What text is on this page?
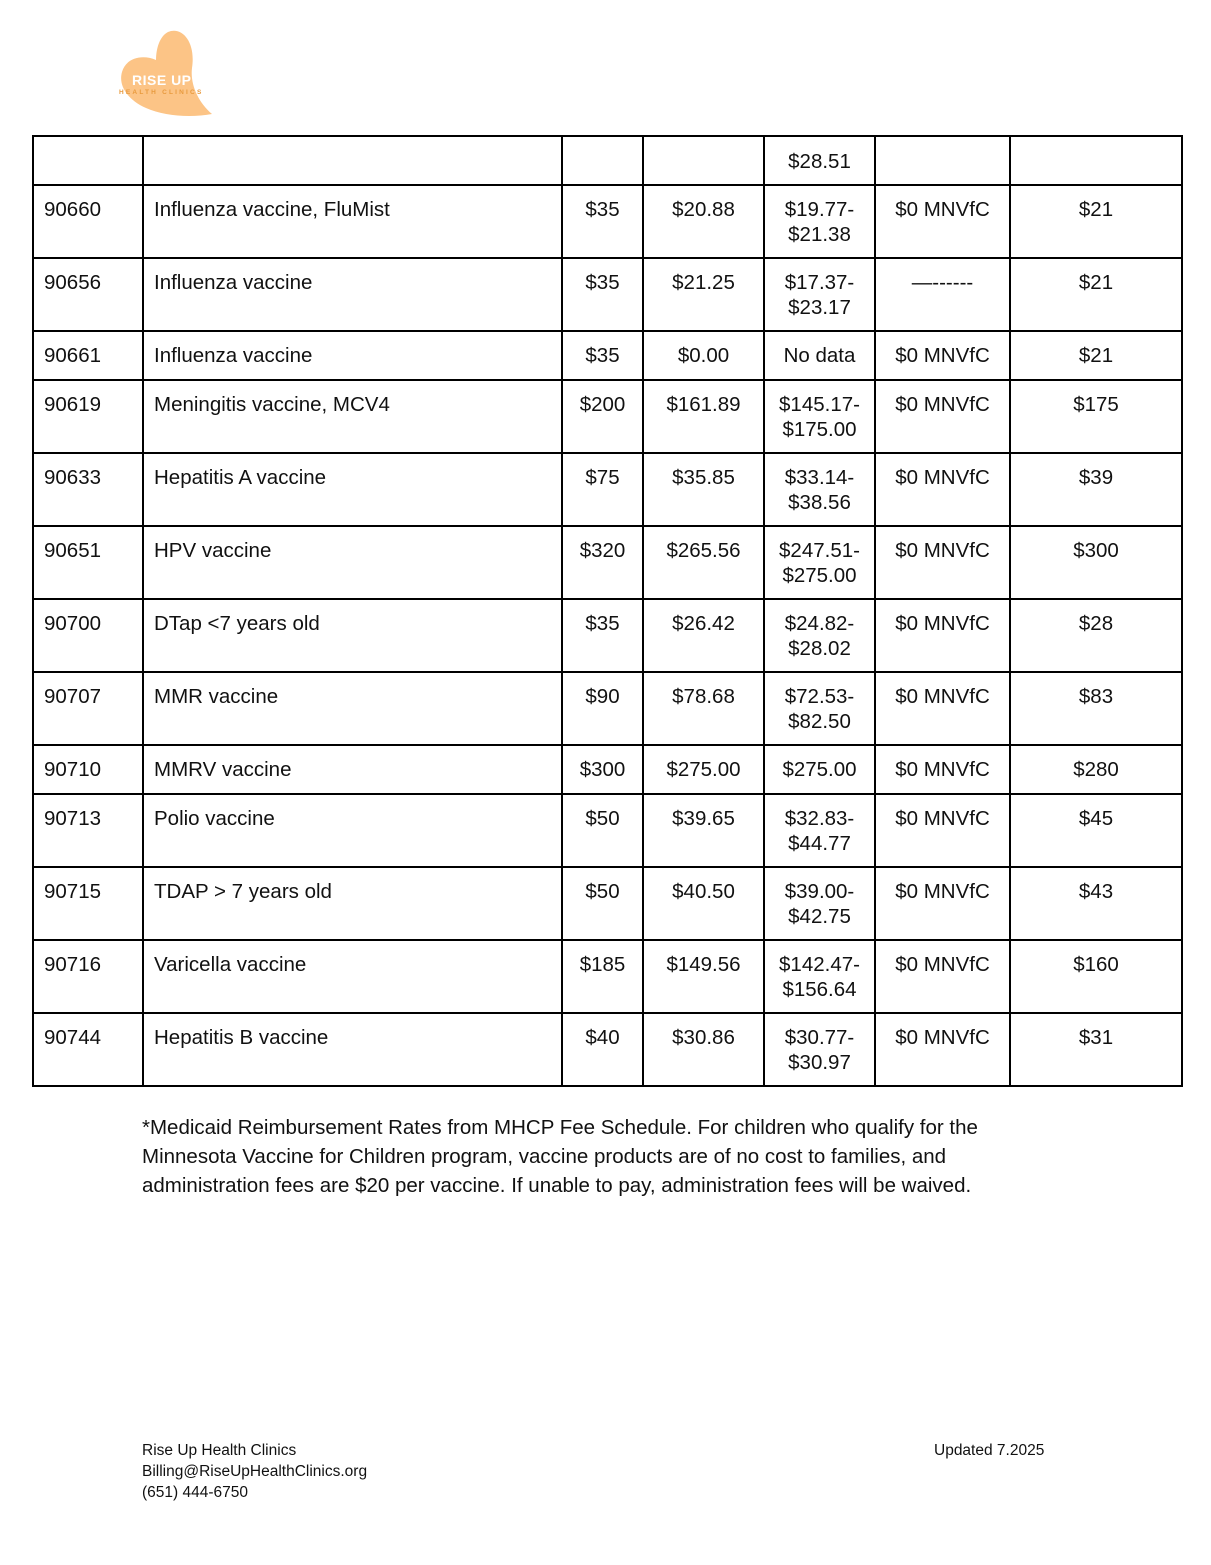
RISE UP
HEALTH CLINICS
				$28.51		
90660	Influenza vaccine, FluMist	$35	$20.88	$19.77-
$21.38	$0 MNVfC	$21
90656	Influenza vaccine	$35	$21.25	$17.37-
$23.17	—------	$21
90661	Influenza vaccine	$35	$0.00	No data	$0 MNVfC	$21
90619	Meningitis vaccine, MCV4	$200	$161.89	$145.17-
$175.00	$0 MNVfC	$175
90633	Hepatitis A vaccine	$75	$35.85	$33.14-
$38.56	$0 MNVfC	$39
90651	HPV vaccine	$320	$265.56	$247.51-
$275.00	$0 MNVfC	$300
90700	DTap <7 years old	$35	$26.42	$24.82-
$28.02	$0 MNVfC	$28
90707	MMR vaccine	$90	$78.68	$72.53-
$82.50	$0 MNVfC	$83
90710	MMRV vaccine	$300	$275.00	$275.00	$0 MNVfC	$280
90713	Polio vaccine	$50	$39.65	$32.83-
$44.77	$0 MNVfC	$45
90715	TDAP > 7 years old	$50	$40.50	$39.00-
$42.75	$0 MNVfC	$43
90716	Varicella vaccine	$185	$149.56	$142.47-
$156.64	$0 MNVfC	$160
90744	Hepatitis B vaccine	$40	$30.86	$30.77-
$30.97	$0 MNVfC	$31
*Medicaid Reimbursement Rates from MHCP Fee Schedule. For children who qualify for the Minnesota Vaccine for Children program, vaccine products are of no cost to families, and administration fees are $20 per vaccine. If unable to pay, administration fees will be waived.
Rise Up Health Clinics
Billing@RiseUpHealthClinics.org
(651) 444-6750
Updated 7.2025
